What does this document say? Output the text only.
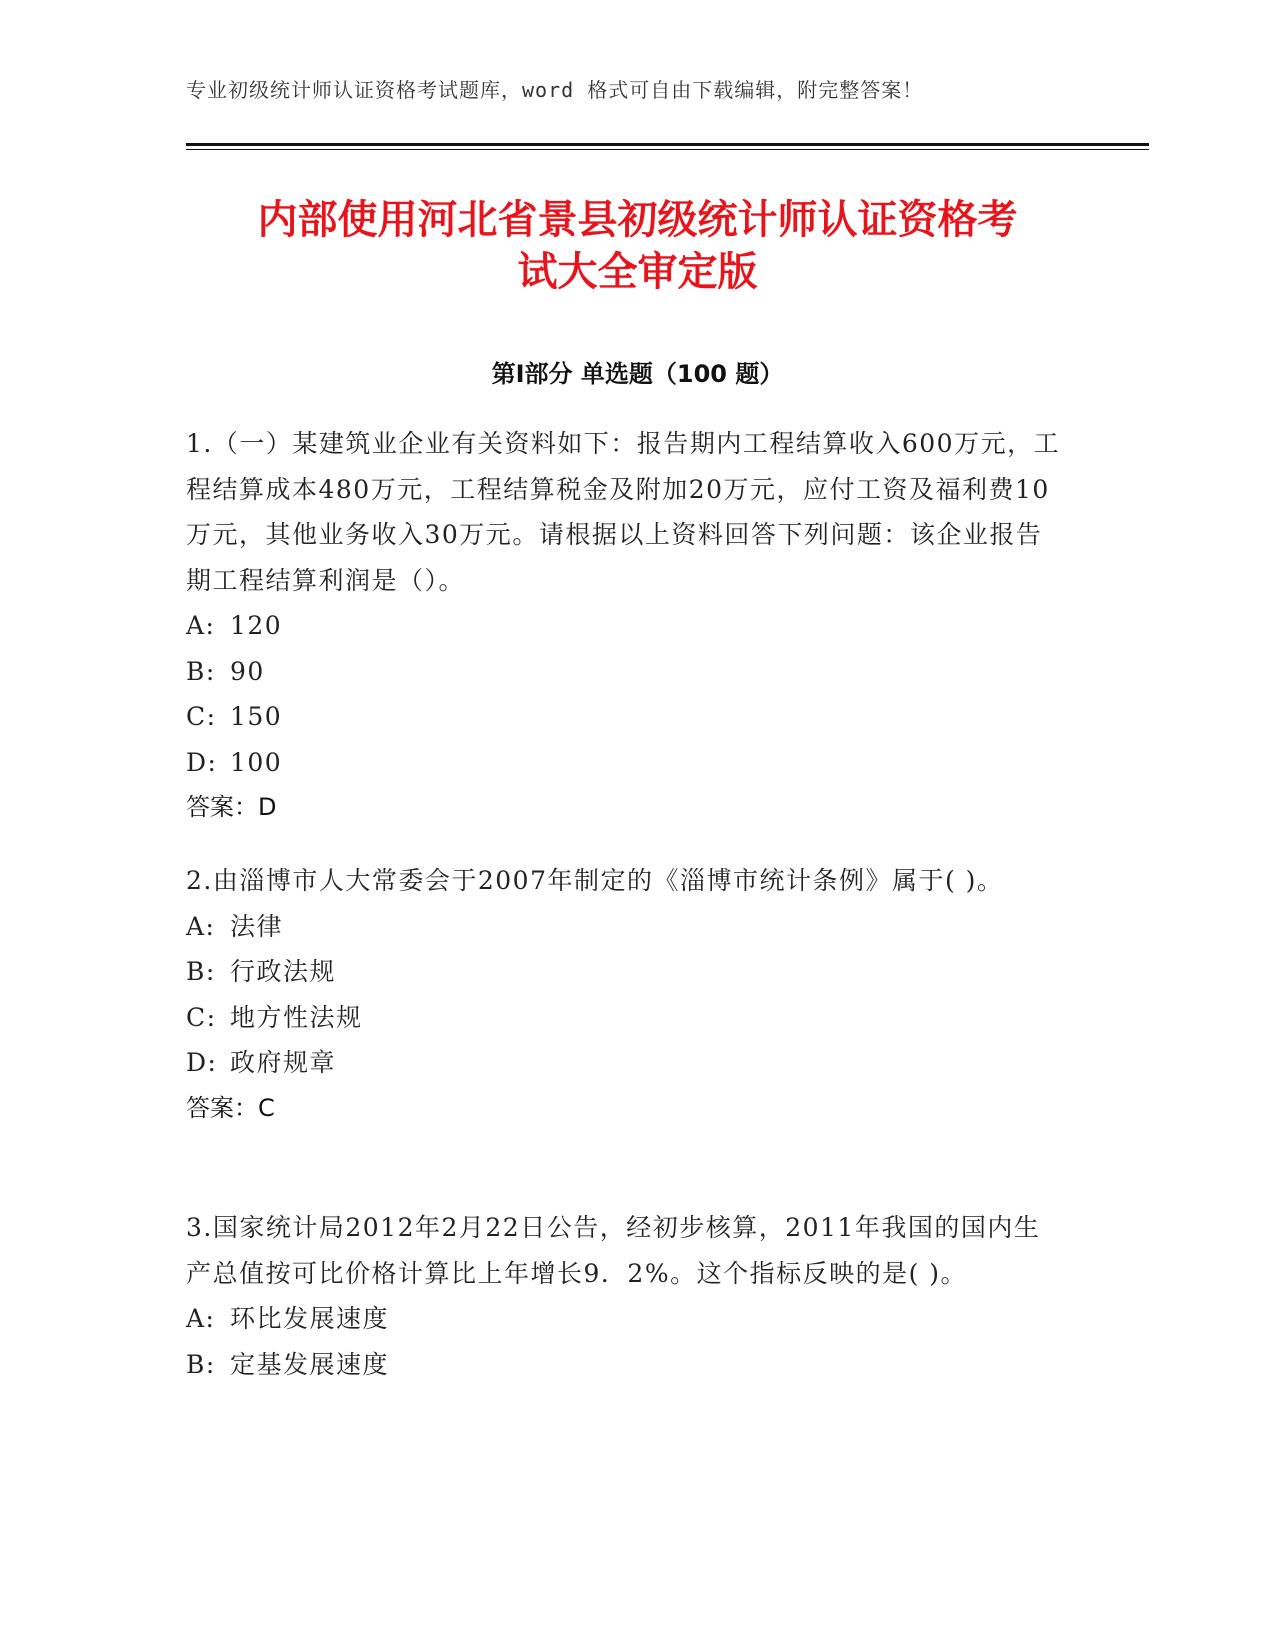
专业初级统计师认证资格考试题库，word 格式可自由下载编辑，附完整答案！
内部使用河北省景县初级统计师认证资格考
试大全审定版
第Ⅰ部分 单选题（100 题）

1.（一）某建筑业企业有关资料如下：报告期内工程结算收入600万元，工程结算成本480万元，工程结算税金及附加20万元，应付工资及福利费10万元，其他业务收入30万元。请根据以上资料回答下列问题：该企业报告期工程结算利润是（）。

A: 120

B: 90

C: 150

D: 100

答案：D

2.由淄博市人大常委会于2007年制定的《淄博市统计条例》属于( )。

A: 法律

B: 行政法规

C: 地方性法规

D: 政府规章

答案：C

3.国家统计局2012年2月22日公告，经初步核算，2011年我国的国内生产总值按可比价格计算比上年增长9．2%。这个指标反映的是( )。

A: 环比发展速度

B: 定基发展速度
